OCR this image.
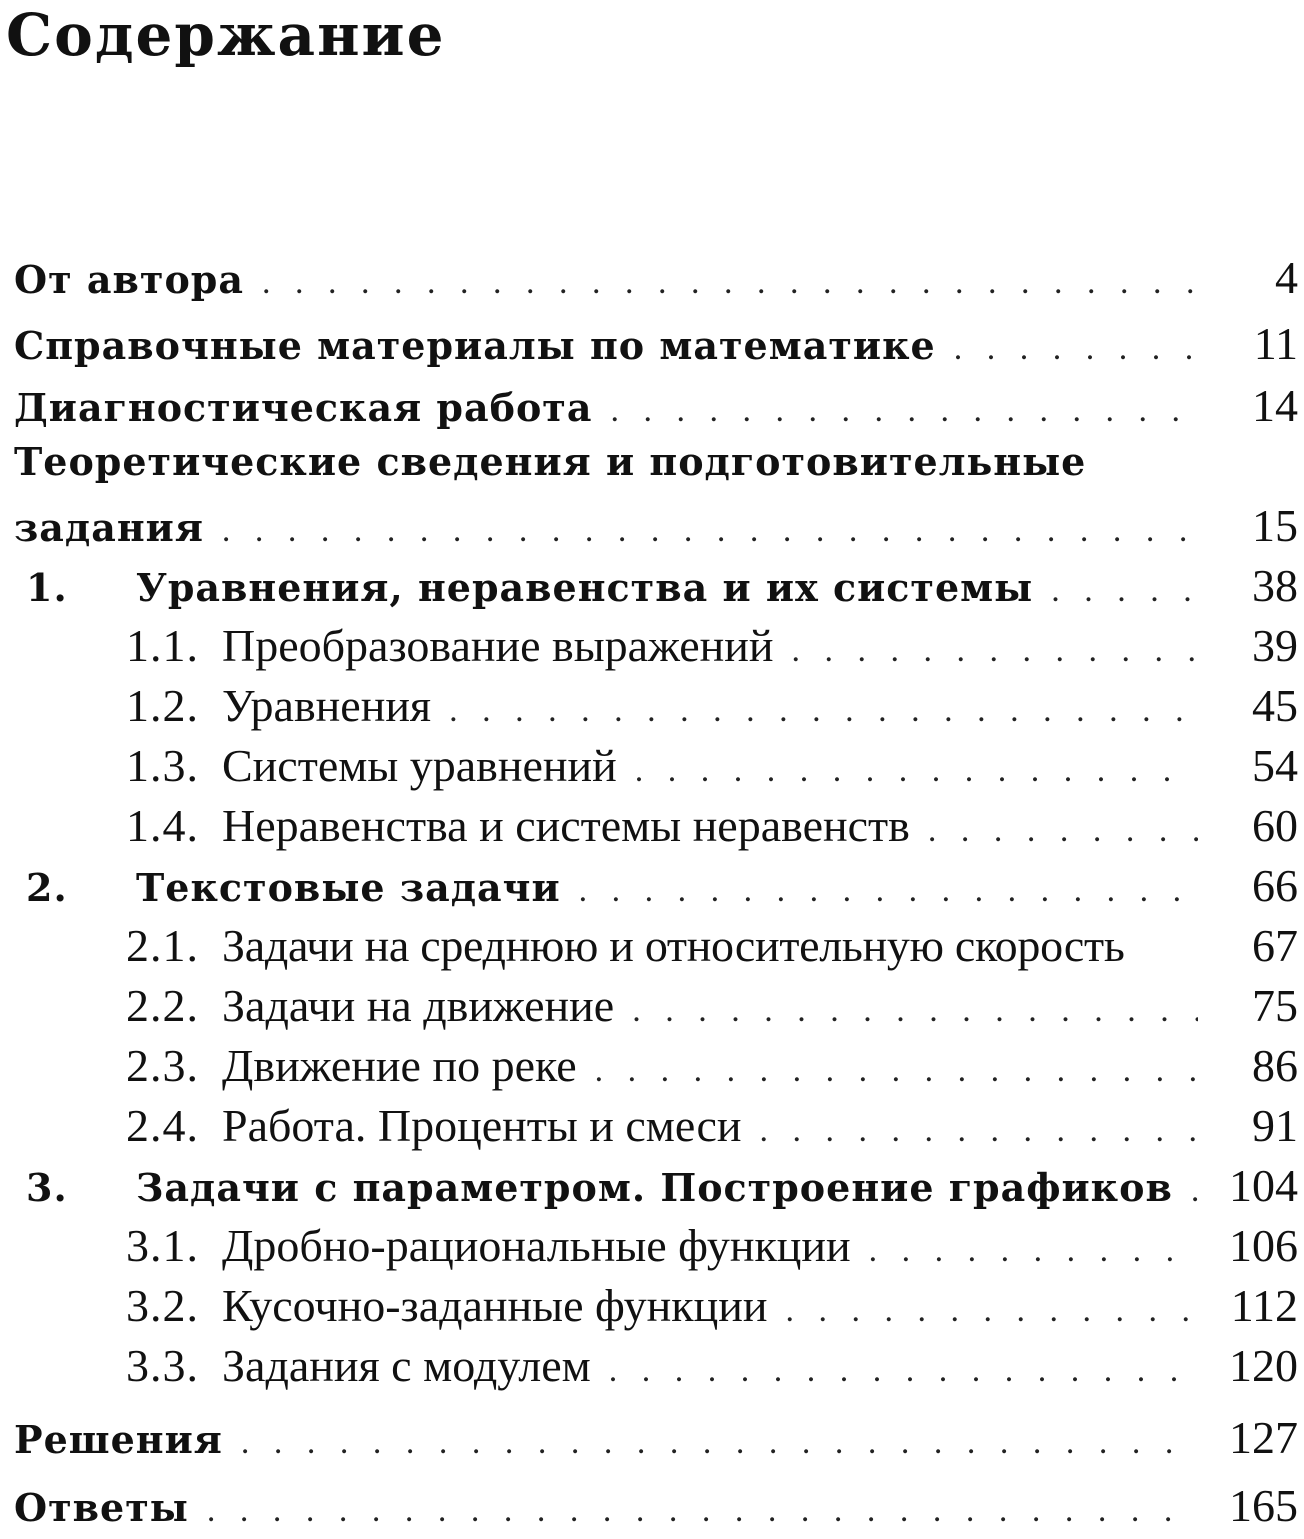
Содержание
От автора . . .	4
Справочные материалы по математике . . .	11
Диагностическая работа . . .	14
Теоретические сведения и подготовительные
задания . . .	15
1.	Уравнения, неравенства и их системы . . .	38
1.1. Преобразование выражений . . .	39
1.2. Уравнения . . .	45
1.3. Системы уравнений . . .	54
1.4. Неравенства и системы неравенств . . .	60
2.	Текстовые задачи . . .	66
2.1. Задачи на среднюю и относительную скорость	67
2.2. Задачи на движение . . .	75
2.3. Движение по реке . . .	86
2.4. Работа. Проценты и смеси . . .	91
3.	Задачи с параметром. Построение графиков . . .	104
3.1. Дробно-рациональные функции . . .	106
3.2. Кусочно-заданные функции . . .	112
3.3. Задания с модулем . . .	120
Решения . . .	127
Ответы . . .	165
